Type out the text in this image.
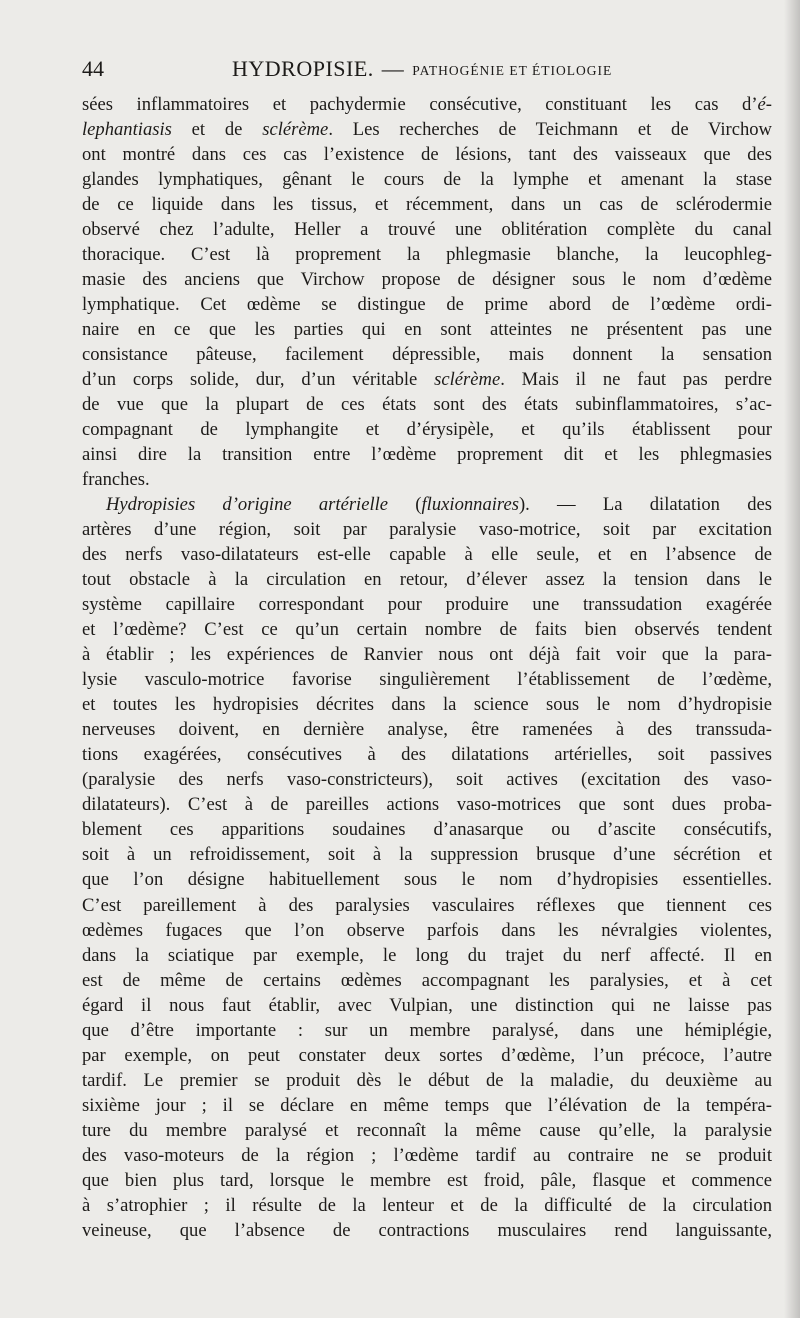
44	HYDROPISIE. — PATHOGÉNIE ET ÉTIOLOGIE
sées inflammatoires et pachydermie consécutive, constituant les cas d’é-
lephantiasis et de sclérème. Les recherches de Teichmann et de Virchow
ont montré dans ces cas l’existence de lésions, tant des vaisseaux que des
glandes lymphatiques, gênant le cours de la lymphe et amenant la stase
de ce liquide dans les tissus, et récemment, dans un cas de sclérodermie
observé chez l’adulte, Heller a trouvé une oblitération complète du canal
thoracique. C’est là proprement la phlegmasie blanche, la leucophleg-
masie des anciens que Virchow propose de désigner sous le nom d’œdème
lymphatique. Cet œdème se distingue de prime abord de l’œdème ordi-
naire en ce que les parties qui en sont atteintes ne présentent pas une
consistance pâteuse, facilement dépressible, mais donnent la sensation
d’un corps solide, dur, d’un véritable sclérème. Mais il ne faut pas perdre
de vue que la plupart de ces états sont des états subinflammatoires, s’ac-
compagnant de lymphangite et d’érysipèle, et qu’ils établissent pour
ainsi dire la transition entre l’œdème proprement dit et les phlegmasies
franches.
Hydropisies d’origine artérielle (fluxionnaires). — La dilatation des
artères d’une région, soit par paralysie vaso-motrice, soit par excitation
des nerfs vaso-dilatateurs est-elle capable à elle seule, et en l’absence de
tout obstacle à la circulation en retour, d’élever assez la tension dans le
système capillaire correspondant pour produire une transsudation exagérée
et l’œdème? C’est ce qu’un certain nombre de faits bien observés tendent
à établir ; les expériences de Ranvier nous ont déjà fait voir que la para-
lysie vasculo-motrice favorise singulièrement l’établissement de l’œdème,
et toutes les hydropisies décrites dans la science sous le nom d’hydropisie
nerveuses doivent, en dernière analyse, être ramenées à des transsuda-
tions exagérées, consécutives à des dilatations artérielles, soit passives
(paralysie des nerfs vaso-constricteurs), soit actives (excitation des vaso-
dilatateurs). C’est à de pareilles actions vaso-motrices que sont dues proba-
blement ces apparitions soudaines d’anasarque ou d’ascite consécutifs,
soit à un refroidissement, soit à la suppression brusque d’une sécrétion et
que l’on désigne habituellement sous le nom d’hydropisies essentielles.
C’est pareillement à des paralysies vasculaires réflexes que tiennent ces
œdèmes fugaces que l’on observe parfois dans les névralgies violentes,
dans la sciatique par exemple, le long du trajet du nerf affecté. Il en
est de même de certains œdèmes accompagnant les paralysies, et à cet
égard il nous faut établir, avec Vulpian, une distinction qui ne laisse pas
que d’être importante : sur un membre paralysé, dans une hémiplégie,
par exemple, on peut constater deux sortes d’œdème, l’un précoce, l’autre
tardif. Le premier se produit dès le début de la maladie, du deuxième au
sixième jour ; il se déclare en même temps que l’élévation de la tempéra-
ture du membre paralysé et reconnaît la même cause qu’elle, la paralysie
des vaso-moteurs de la région ; l’œdème tardif au contraire ne se produit
que bien plus tard, lorsque le membre est froid, pâle, flasque et commence
à s’atrophier ; il résulte de la lenteur et de la difficulté de la circulation
veineuse, que l’absence de contractions musculaires rend languissante,
